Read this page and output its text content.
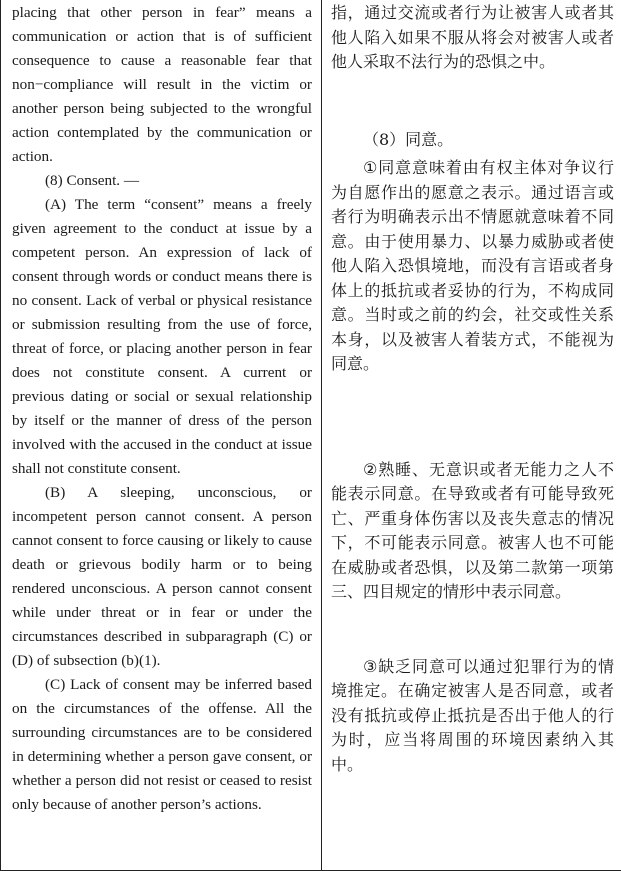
placing that other person in fear” means a communication or action that is of sufficient consequence to cause a reasonable fear that non−compliance will result in the victim or another person being subjected to the wrongful action contemplated by the communication or action.

(8) Consent. —

(A) The term “consent” means a freely given agreement to the conduct at issue by a competent person. An expression of lack of consent through words or conduct means there is no consent. Lack of verbal or physical resistance or submission resulting from the use of force, threat of force, or placing another person in fear does not constitute consent. A current or previous dating or social or sexual relationship by itself or the manner of dress of the person involved with the accused in the conduct at issue shall not constitute consent.

(B) A sleeping, unconscious, or incompetent person cannot consent. A person cannot consent to force causing or likely to cause death or grievous bodily harm or to being rendered unconscious. A person cannot consent while under threat or in fear or under the circumstances described in subparagraph (C) or (D) of subsection (b)(1).

(C) Lack of consent may be inferred based on the circumstances of the offense. All the surrounding circumstances are to be considered in determining whether a person gave consent, or whether a person did not resist or ceased to resist only because of another person’s actions.

指，通过交流或者行为让被害人或者其他人陷入如果不服从将会对被害人或者他人采取不法行为的恐惧之中。

（8）同意。

①同意意味着由有权主体对争议行为自愿作出的愿意之表示。通过语言或者行为明确表示出不情愿就意味着不同意。由于使用暴力、以暴力威胁或者使他人陷入恐惧境地，而没有言语或者身体上的抵抗或者妥协的行为，不构成同意。当时或之前的约会，社交或性关系本身，以及被害人着装方式，不能视为同意。

②熟睡、无意识或者无能力之人不能表示同意。在导致或者有可能导致死亡、严重身体伤害以及丧失意志的情况下，不可能表示同意。被害人也不可能在威胁或者恐惧，以及第二款第一项第三、四目规定的情形中表示同意。

③缺乏同意可以通过犯罪行为的情境推定。在确定被害人是否同意，或者没有抵抗或停止抵抗是否出于他人的行为时，应当将周围的环境因素纳入其中。
